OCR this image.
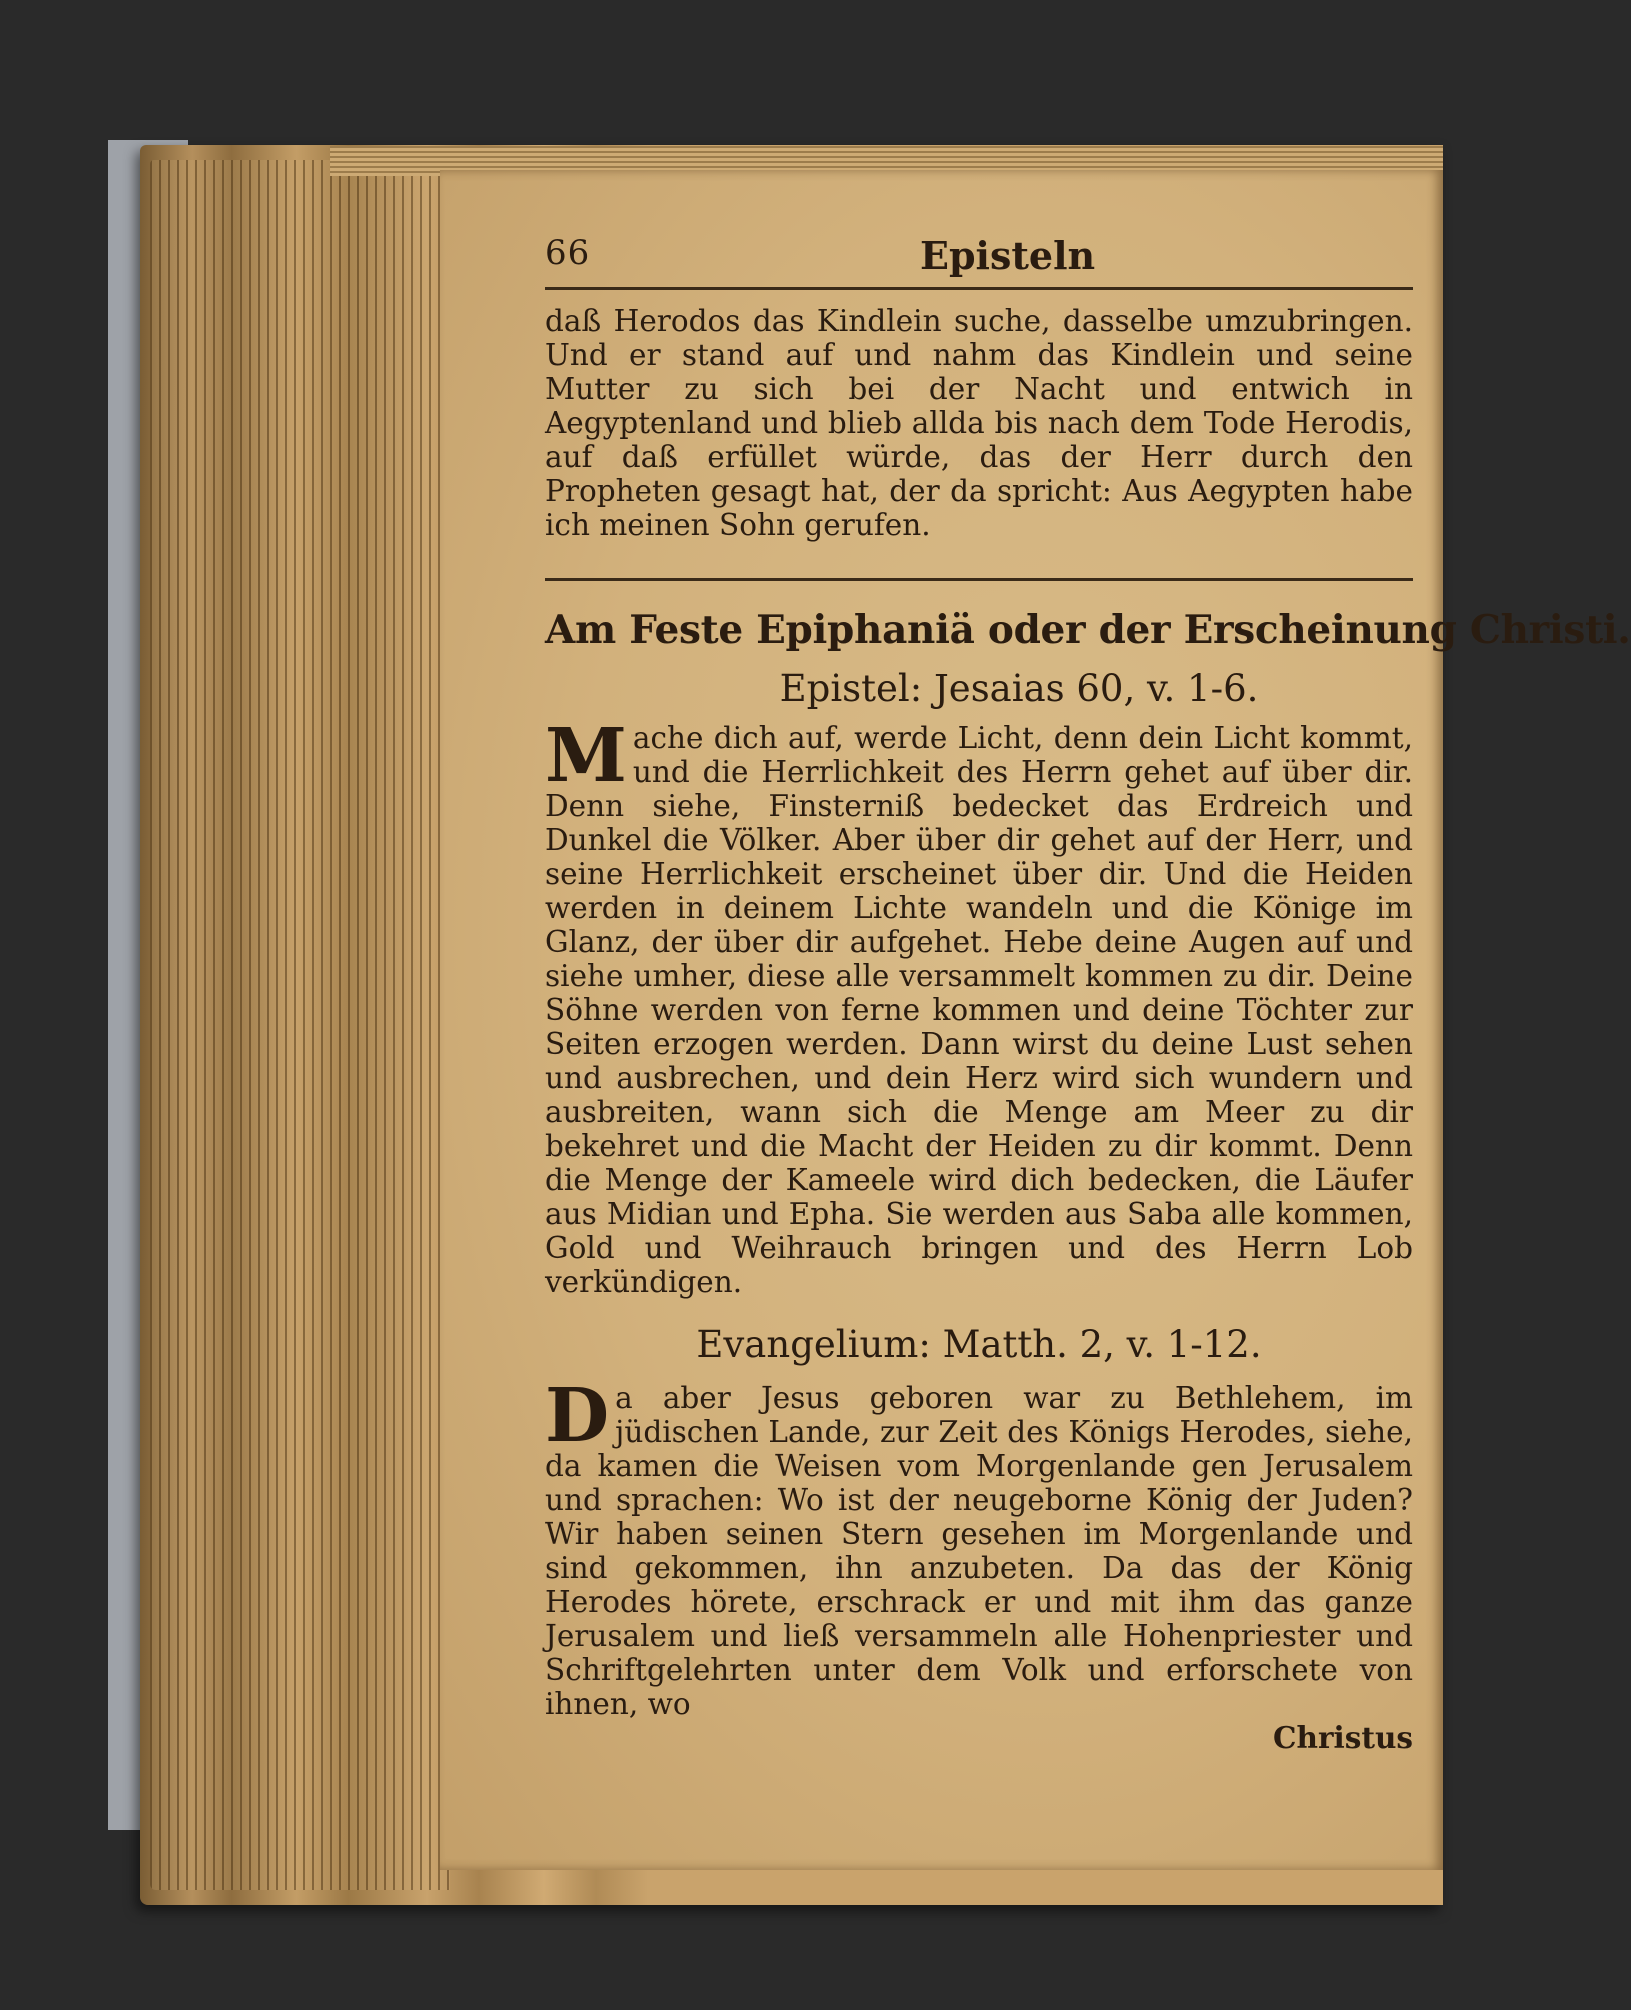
66	Episteln

daß Herodos das Kindlein suche, dasselbe umzubringen. Und er stand auf und nahm das Kindlein und seine Mutter zu sich bei der Nacht und entwich in Aegyptenland und blieb allda bis nach dem Tode Herodis, auf daß erfüllet würde, das der Herr durch den Propheten gesagt hat, der da spricht: Aus Aegypten habe ich meinen Sohn gerufen.

Am Feste Epiphaniä oder der Erscheinung Christi.
Epistel: Jesaias 60, v. 1-6.

Mache dich auf, werde Licht, denn dein Licht kommt, und die Herrlichkeit des Herrn gehet auf über dir. Denn siehe, Finsterniß bedecket das Erdreich und Dunkel die Völker. Aber über dir gehet auf der Herr, und seine Herrlichkeit erscheinet über dir. Und die Heiden werden in deinem Lichte wandeln und die Könige im Glanz, der über dir aufgehet. Hebe deine Augen auf und siehe umher, diese alle versammelt kommen zu dir. Deine Söhne werden von ferne kommen und deine Töchter zur Seiten erzogen werden. Dann wirst du deine Lust sehen und ausbrechen, und dein Herz wird sich wundern und ausbreiten, wann sich die Menge am Meer zu dir bekehret und die Macht der Heiden zu dir kommt. Denn die Menge der Kameele wird dich bedecken, die Läufer aus Midian und Epha. Sie werden aus Saba alle kommen, Gold und Weihrauch bringen und des Herrn Lob verkündigen.

Evangelium: Matth. 2, v. 1-12.

Da aber Jesus geboren war zu Bethlehem, im jüdischen Lande, zur Zeit des Königs Herodes, siehe, da kamen die Weisen vom Morgenlande gen Jerusalem und sprachen: Wo ist der neugeborne König der Juden? Wir haben seinen Stern gesehen im Morgenlande und sind gekommen, ihn anzubeten. Da das der König Herodes hörete, erschrack er und mit ihm das ganze Jerusalem und ließ versammeln alle Hohenpriester und Schriftgelehrten unter dem Volk und erforschete von ihnen, wo

Christus
